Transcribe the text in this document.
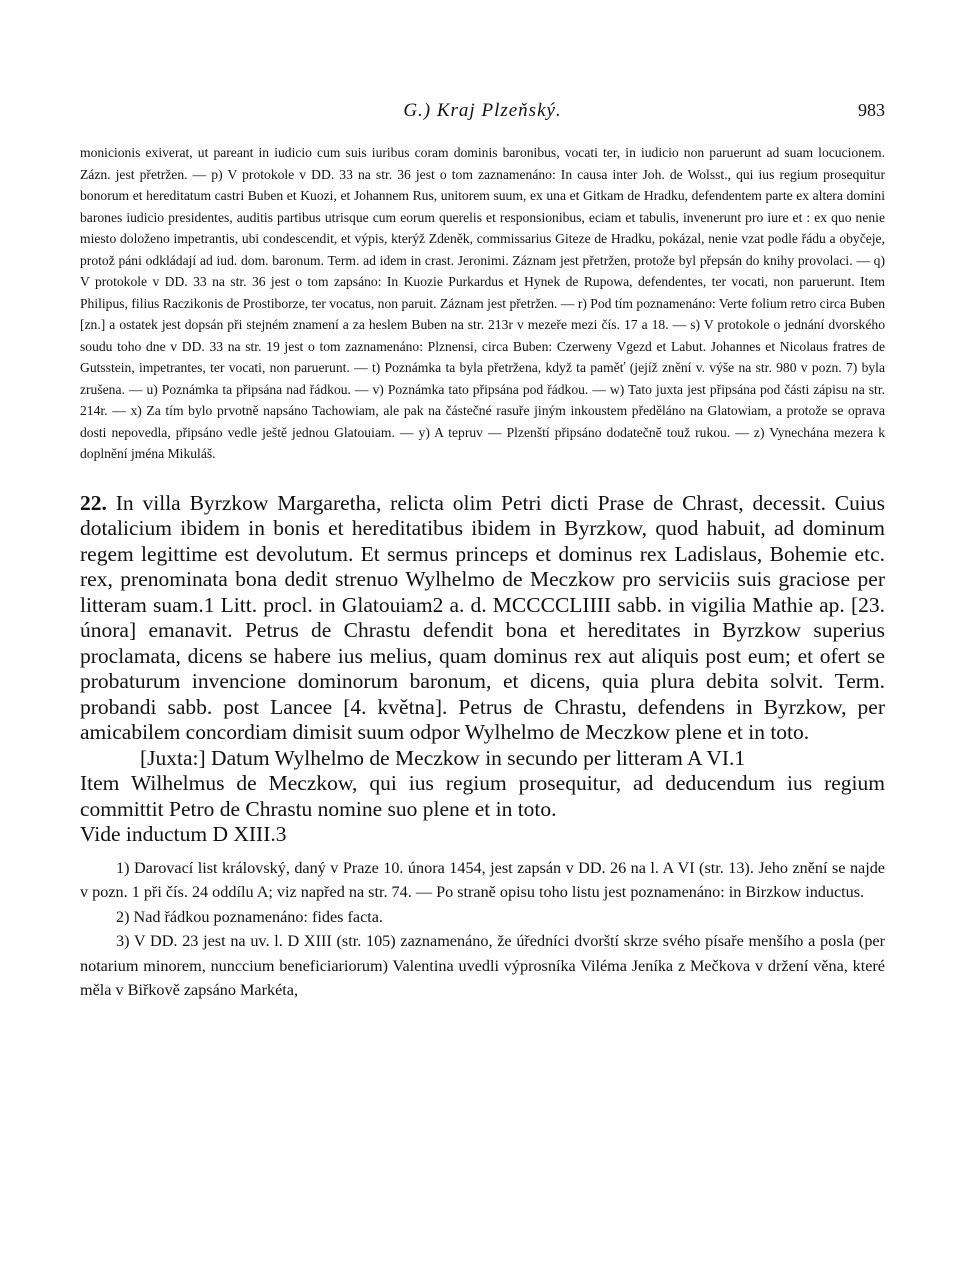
G.) Kraj Plzeňský.	983

monicionis exiverat, ut pareant in iudicio cum suis iuribus coram dominis baronibus, vocati ter, in iudicio non paruerunt ad suam locucionem. Zázn. jest přetržen. — p) V protokole v DD. 33 na str. 36 jest o tom zaznamenáno: In causa inter Joh. de Wolsst., qui ius regium prosequitur bonorum et hereditatum castri Buben et Kuozi, et Johannem Rus, unitorem suum, ex una et Gitkam de Hradku, defendentem parte ex altera domini barones iudicio presidentes, auditis partibus utrisque cum eorum querelis et responsionibus, eciam et tabulis, invenerunt pro iure et : ex quo nenie miesto doloženo impetrantis, ubi condescendit, et výpis, kterýž Zdeněk, commissarius Giteze de Hradku, pokázal, nenie vzat podle řádu a obyčeje, protož páni odkládají ad iud. dom. baronum. Term. ad idem in crast. Jeronimi. Záznam jest přetržen, protože byl přepsán do knihy provolaci. — q) V protokole v DD. 33 na str. 36 jest o tom zapsáno: In Kuozie Purkardus et Hynek de Rupowa, defendentes, ter vocati, non paruerunt. Item Philipus, filius Raczikonis de Prostiborze, ter vocatus, non paruit. Záznam jest přetržen. — r) Pod tím poznamenáno: Verte folium retro circa Buben [zn.] a ostatek jest dopsán při stejném znamení a za heslem Buben na str. 213r v mezeře mezi čís. 17 a 18. — s) V protokole o jednání dvorského soudu toho dne v DD. 33 na str. 19 jest o tom zaznamenáno: Plznensi, circa Buben: Czerweny Vgezd et Labut. Johannes et Nicolaus fratres de Gutsstein, impetrantes, ter vocati, non paruerunt. — t) Poznámka ta byla přetržena, když ta paměť (jejíž znění v. výše na str. 980 v pozn. 7) byla zrušena. — u) Poznámka ta připsána nad řádkou. — v) Poznámka tato připsána pod řádkou. — w) Tato juxta jest připsána pod části zápisu na str. 214r. — x) Za tím bylo prvotně napsáno Tachowiam, ale pak na částečné rasuře jiným inkoustem předěláno na Glatowiam, a protože se oprava dosti nepovedla, připsáno vedle ještě jednou Glatouiam. — y) A tepruv — Plzenští připsáno dodatečně touž rukou. — z) Vynechána mezera k doplnění jména Mikuláš.

22. In villa Byrzkow Margaretha, relicta olim Petri dicti Prase de Chrast, decessit. Cuius dotalicium ibidem in bonis et hereditatibus ibidem in Byrzkow, quod habuit, ad dominum regem legittime est devolutum. Et sermus princeps et dominus rex Ladislaus, Bohemie etc. rex, prenominata bona dedit strenuo Wylhelmo de Meczkow pro serviciis suis graciose per litteram suam.1 Litt. procl. in Glatouiam2 a. d. MCCCCLIIII sabb. in vigilia Mathie ap. [23. února] emanavit. Petrus de Chrastu defendit bona et hereditates in Byrzkow superius proclamata, dicens se habere ius melius, quam dominus rex aut aliquis post eum; et ofert se probaturum invencione dominorum baronum, et dicens, quia plura debita solvit. Term. probandi sabb. post Lancee [4. května]. Petrus de Chrastu, defendens in Byrzkow, per amicabilem concordiam dimisit suum odpor Wylhelmo de Meczkow plene et in toto.

[Juxta:] Datum Wylhelmo de Meczkow in secundo per litteram A VI.1

Item Wilhelmus de Meczkow, qui ius regium prosequitur, ad deducendum ius regium committit Petro de Chrastu nomine suo plene et in toto.

Vide inductum D XIII.3

1) Darovací list královský, daný v Praze 10. února 1454, jest zapsán v DD. 26 na l. A VI (str. 13). Jeho znění se najde v pozn. 1 při čís. 24 oddílu A; viz napřed na str. 74. — Po straně opisu toho listu jest poznamenáno: in Birzkow inductus.

2) Nad řádkou poznamenáno: fides facta.

3) V DD. 23 jest na uv. l. D XIII (str. 105) zaznamenáno, že úředníci dvorští skrze svého písaře menšího a posla (per notarium minorem, nunccium beneficiariorum) Valentina uvedli výprosníka Viléma Jeníka z Mečkova v držení věna, které měla v Biřkově zapsáno Markéta,
